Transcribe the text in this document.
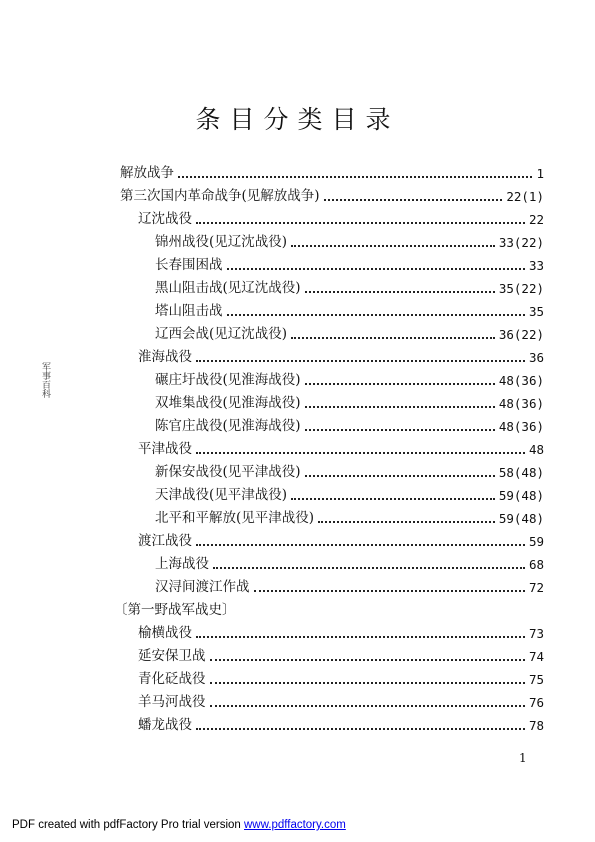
条目分类目录
军事百科
解放战争	1
第三次国内革命战争(见解放战争)	22(1)
辽沈战役	22
锦州战役(见辽沈战役)	33(22)
长春围困战	33
黑山阻击战(见辽沈战役)	35(22)
塔山阻击战	35
辽西会战(见辽沈战役)	36(22)
淮海战役	36
碾庄圩战役(见淮海战役)	48(36)
双堆集战役(见淮海战役)	48(36)
陈官庄战役(见淮海战役)	48(36)
平津战役	48
新保安战役(见平津战役)	58(48)
天津战役(见平津战役)	59(48)
北平和平解放(见平津战役)	59(48)
渡江战役	59
上海战役	68
汉浔间渡江作战	72
〔第一野战军战史〕
榆横战役	73
延安保卫战	74
青化砭战役	75
羊马河战役	76
蟠龙战役	78
1
PDF created with pdfFactory Pro trial version www.pdffactory.com
